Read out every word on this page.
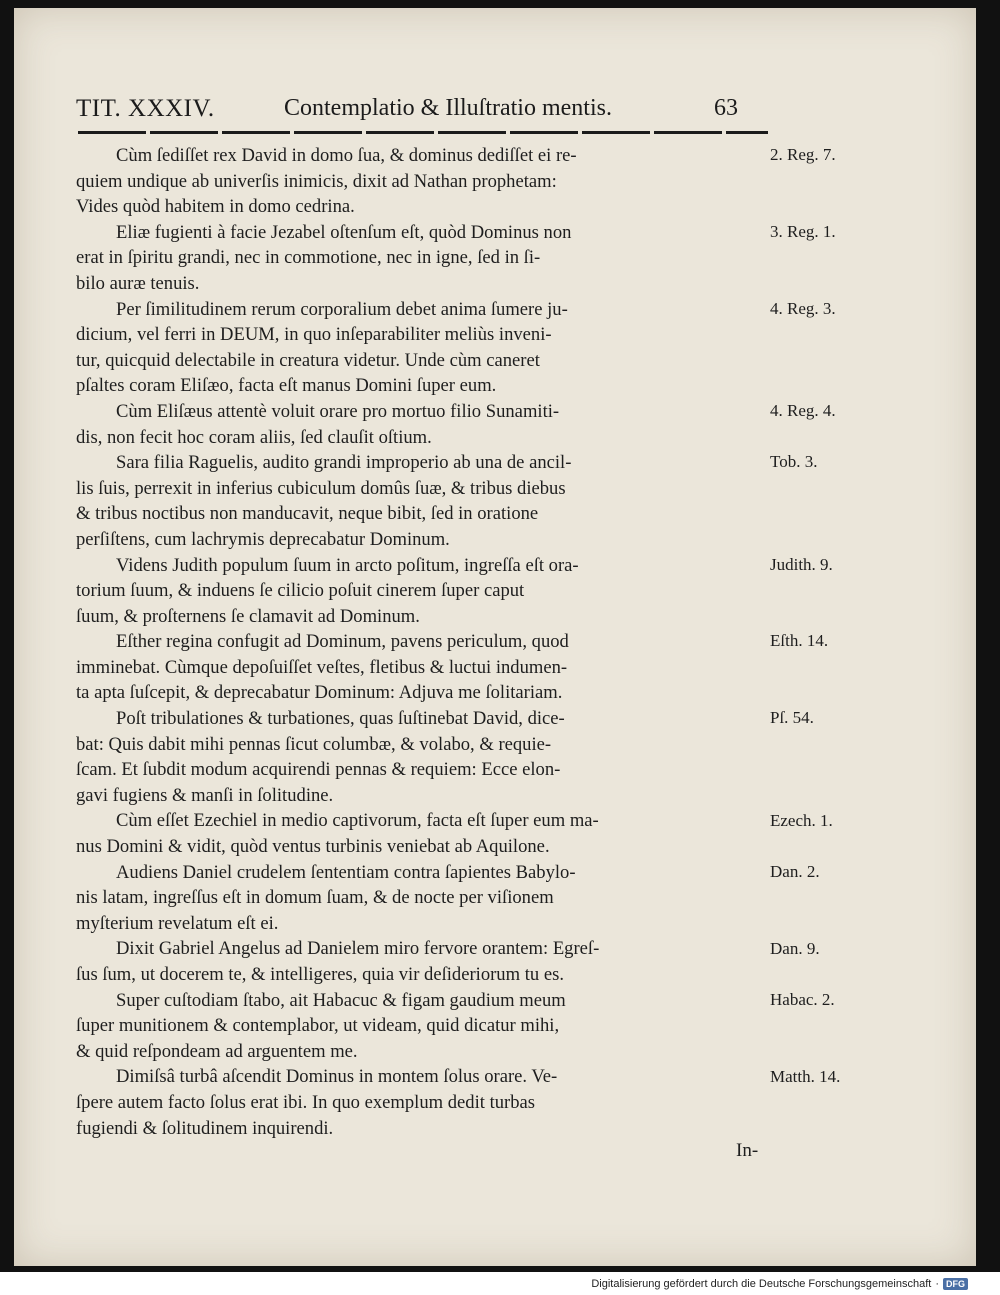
TIT. XXXIV.	Contemplatio & Illuſtratio mentis.	63

Cùm ſediſſet rex David in domo ſua, & dominus dediſſet ei re-
quiem undique ab univerſis inimicis, dixit ad Nathan prophetam:
Vides quòd habitem in domo cedrina.

Eliæ fugienti à facie Jezabel oſtenſum eſt, quòd Dominus non
erat in ſpiritu grandi, nec in commotione, nec in igne, ſed in ſi-
bilo auræ tenuis.

Per ſimilitudinem rerum corporalium debet anima ſumere ju-
dicium, vel ferri in DEUM, in quo inſeparabiliter meliùs inveni-
tur, quicquid delectabile in creatura videtur. Unde cùm caneret
pſaltes coram Eliſæo, facta eſt manus Domini ſuper eum.

Cùm Eliſæus attentè voluit orare pro mortuo filio Sunamiti-
dis, non fecit hoc coram aliis, ſed clauſit oſtium.

Sara filia Raguelis, audito grandi improperio ab una de ancil-
lis ſuis, perrexit in inferius cubiculum domûs ſuæ, & tribus diebus
& tribus noctibus non manducavit, neque bibit, ſed in oratione
perſiſtens, cum lachrymis deprecabatur Dominum.

Videns Judith populum ſuum in arcto poſitum, ingreſſa eſt ora-
torium ſuum, & induens ſe cilicio poſuit cinerem ſuper caput
ſuum, & proſternens ſe clamavit ad Dominum.

Eſther regina confugit ad Dominum, pavens periculum, quod
imminebat. Cùmque depoſuiſſet veſtes, fletibus & luctui indumen-
ta apta ſuſcepit, & deprecabatur Dominum: Adjuva me ſolitariam.

Poſt tribulationes & turbationes, quas ſuſtinebat David, dice-
bat: Quis dabit mihi pennas ſicut columbæ, & volabo, & requie-
ſcam. Et ſubdit modum acquirendi pennas & requiem: Ecce elon-
gavi fugiens & manſi in ſolitudine.

Cùm eſſet Ezechiel in medio captivorum, facta eſt ſuper eum ma-
nus Domini & vidit, quòd ventus turbinis veniebat ab Aquilone.

Audiens Daniel crudelem ſententiam contra ſapientes Babylo-
nis latam, ingreſſus eſt in domum ſuam, & de nocte per viſionem
myſterium revelatum eſt ei.

Dixit Gabriel Angelus ad Danielem miro fervore orantem: Egreſ-
ſus ſum, ut docerem te, & intelligeres, quia vir deſideriorum tu es.

Super cuſtodiam ſtabo, ait Habacuc & figam gaudium meum
ſuper munitionem & contemplabor, ut videam, quid dicatur mihi,
& quid reſpondeam ad arguentem me.

Dimiſsâ turbâ aſcendit Dominus in montem ſolus orare. Ve-
ſpere autem facto ſolus erat ibi. In quo exemplum dedit turbas
fugiendi & ſolitudinem inquirendi.

2. Reg. 7.
3. Reg. 1.
4. Reg. 3.
4. Reg. 4.
Tob. 3.
Judith. 9.
Eſth. 14.
Pſ. 54.
Ezech. 1.
Dan. 2.
Dan. 9.
Habac. 2.
Matth. 14.
In-
Digitalisierung gefördert durch die Deutsche Forschungsgemeinschaft · DFG
